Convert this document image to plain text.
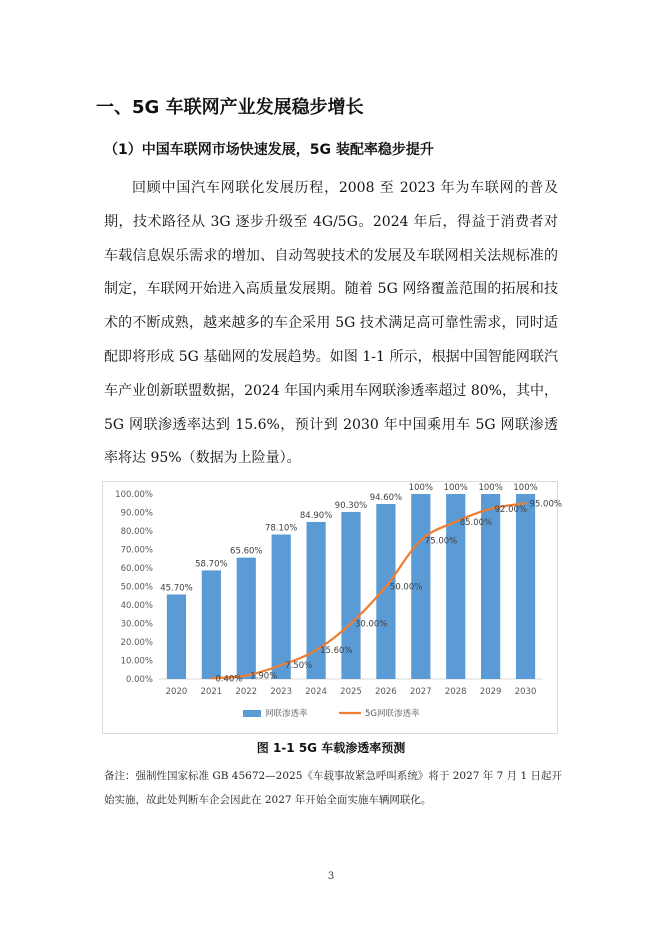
一、5G 车联网产业发展稳步增长
（1）中国车联网市场快速发展，5G 装配率稳步提升

回顾中国汽车网联化发展历程，2008 至 2023 年为车联网的普及期，技术路径从 3G 逐步升级至 4G/5G。2024 年后，得益于消费者对车载信息娱乐需求的增加、自动驾驶技术的发展及车联网相关法规标准的制定，车联网开始进入高质量发展期。随着 5G 网络覆盖范围的拓展和技术的不断成熟，越来越多的车企采用 5G 技术满足高可靠性需求，同时适配即将形成 5G 基础网的发展趋势。如图 1-1 所示，根据中国智能网联汽车产业创新联盟数据，2024 年国内乘用车网联渗透率超过 80%，其中，5G 网联渗透率达到 15.6%，预计到 2030 年中国乘用车 5G 网联渗透率将达 95%（数据为上险量）。

0.00%
10.00%
20.00%
30.00%
40.00%
50.00%
60.00%
70.00%
80.00%
90.00%
100.00%
2020 2021 2022 2023 2024 2025 2026 2027 2028 2029 2030
45.70%
58.70%
65.60%
78.10%
84.90%
90.30%
94.60%
100% 100% 100% 100%
0.40% 1.90%
7.50%
15.60%
30.00%
50.00%
75.00%
85.00%
92.00%
95.00%
网联渗透率	5G网联渗透率
图 1-1 5G 车载渗透率预测

备注：强制性国家标准 GB 45672—2025《车载事故紧急呼叫系统》将于 2027 年 7 月 1 日起开始实施，故此处判断车企会因此在 2027 年开始全面实施车辆网联化。

3
